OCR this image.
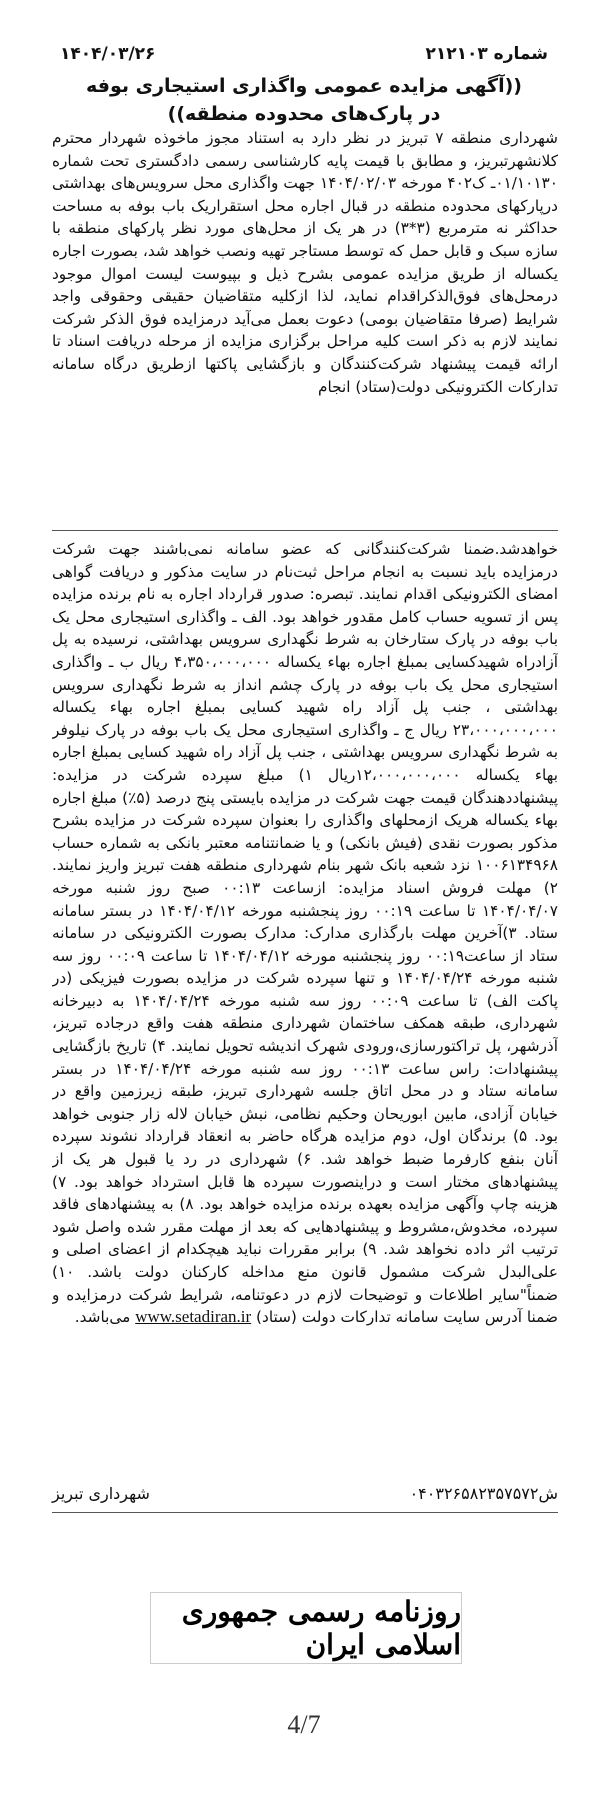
شماره ۲۱۲۱۰۳
۱۴۰۴/۰۳/۲۶
((آگهی مزایده عمومی واگذاری استیجاری بوفه
در پارک‌های محدوده منطقه))
شهرداری منطقه ۷ تبریز در نظر دارد به استناد مجوز ماخوذه شهردار محترم کلانشهرتبریز، و مطابق با قیمت پایه کارشناسی رسمی دادگستری تحت شماره ۰۱/۱۰۱۳۰ـ ک۴۰۲ مورخه ۱۴۰۴/۰۲/۰۳ جهت واگذاری محل سرویس‌های بهداشتی درپارکهای محدوده منطقه در قبال اجاره محل استقراریک باب بوفه به مساحت حداکثر نه مترمربع (۳*۳) در هر یک از محل‌های مورد نظر پارکهای منطقه با سازه سبک و قابل حمل که توسط مستاجر تهیه ونصب خواهد شد، بصورت اجاره یکساله از طریق مزایده عمومی بشرح ذیل و بپیوست لیست اموال موجود درمحل‌های فوق‌الذکراقدام نماید، لذا ازکلیه متقاضیان حقیقی وحقوقی واجد شرایط (صرفا متقاضیان بومی) دعوت بعمل می‌آید درمزایده فوق الذکر شرکت نمایند لازم به ذکر است کلیه مراحل برگزاری مزایده از مرحله دریافت اسناد تا ارائه قیمت پیشنهاد شرکت‌کنندگان و بازگشایی پاکتها ازطریق درگاه سامانه تدارکات الکترونیکی دولت(ستاد) انجام
خواهدشد.ضمنا شرکت‌کنندگانی که عضو سامانه نمی‌باشند جهت شرکت درمزایده باید نسبت به انجام مراحل ثبت‌نام در سایت مذکور و دریافت گواهی امضای الکترونیکی اقدام نمایند. تبصره: صدور قرارداد اجاره به نام برنده مزایده پس از تسویه حساب کامل مقدور خواهد بود. الف ـ واگذاری استیجاری محل یک باب بوفه در پارک ستارخان به شرط نگهداری سرویس بهداشتی، نرسیده به پل آزادراه شهیدکسایی بمبلغ اجاره بهاء یکساله ۴،۳۵۰،۰۰۰،۰۰۰ ریال ب ـ واگذاری استیجاری محل یک باب بوفه در پارک چشم انداز به شرط نگهداری سرویس بهداشتی ، جنب پل آزاد راه شهید کسایی بمبلغ اجاره بهاء یکساله ۲۳،۰۰۰،۰۰۰،۰۰۰ ریال ج ـ واگذاری استیجاری محل یک باب بوفه در پارک نیلوفر به شرط نگهداری سرویس بهداشتی ، جنب پل آزاد راه شهید کسایی بمبلغ اجاره بهاء یکساله ۱۲،۰۰۰،۰۰۰،۰۰۰ریال ۱) مبلغ سپرده شرکت در مزایده: پیشنهاددهندگان قیمت جهت شرکت در مزایده بایستی پنج درصد (۵٪) مبلغ اجاره بهاء یکساله هریک ازمحلهای واگذاری را بعنوان سپرده شرکت در مزایده بشرح مذکور بصورت نقدی (فیش بانکی) و یا ضمانتنامه معتبر بانکی به شماره حساب ۱۰۰۶۱۳۴۹۶۸ نزد شعبه بانک شهر بنام شهرداری منطقه هفت تبریز واریز نمایند. ۲) مهلت فروش اسناد مزایده: ازساعت ۰۰:۱۳ صبح روز شنبه مورخه ۱۴۰۴/۰۴/۰۷ تا ساعت ۰۰:۱۹ روز پنجشنبه مورخه ۱۴۰۴/۰۴/۱۲ در بستر سامانه ستاد. ۳)آخرین مهلت بارگذاری مدارک: مدارک بصورت الکترونیکی در سامانه ستاد از ساعت۰۰:۱۹ روز پنجشنبه مورخه ۱۴۰۴/۰۴/۱۲ تا ساعت ۰۰:۰۹ روز سه شنبه مورخه ۱۴۰۴/۰۴/۲۴ و تنها سپرده شرکت در مزایده بصورت فیزیکی (در پاکت الف) تا ساعت ۰۰:۰۹ روز سه شنبه مورخه ۱۴۰۴/۰۴/۲۴ به دبیرخانه شهرداری، طبقه همکف ساختمان شهرداری منطقه هفت واقع درجاده تبریز، آذرشهر، پل تراکتورسازی،ورودی شهرک اندیشه تحویل نمایند. ۴) تاریخ بازگشایی پیشنهادات: راس ساعت ۰۰:۱۳ روز سه شنبه مورخه ۱۴۰۴/۰۴/۲۴ در بستر سامانه ستاد و در محل اتاق جلسه شهرداری تبریز، طبقه زیرزمین واقع در خیابان آزادی، مابین ابوریحان وحکیم نظامی، نبش خیابان لاله زار جنوبی خواهد بود. ۵) برندگان اول، دوم مزایده هرگاه حاضر به انعقاد قرارداد نشوند سپرده آنان بنفع کارفرما ضبط خواهد شد. ۶) شهرداری در رد یا قبول هر یک از پیشنهادهای مختار است و دراینصورت سپرده ها قابل استرداد خواهد بود. ۷) هزینه چاپ وآگهی مزایده بعهده برنده مزایده خواهد بود. ۸) به پیشنهادهای فاقد سپرده، مخدوش،مشروط و پیشنهادهایی که بعد از مهلت مقرر شده واصل شود ترتیب اثر داده نخواهد شد. ۹) برابر مقررات نباید هیچکدام از اعضای اصلی و علی‌البدل شرکت مشمول قانون منع مداخله کارکنان دولت باشد. ۱۰) ضمناً"سایر اطلاعات و توضیحات لازم در دعوتنامه، شرایط شرکت درمزایده و ضمنا آدرس سایت سامانه تدارکات دولت (ستاد) www.setadiran.ir می‌باشد.
ش۰۴۰۳۲۶۵۸۲۳۵۷۵۷۲
شهرداری تبریز
روزنامه رسمی جمهوری اسلامی ایران
4/7
